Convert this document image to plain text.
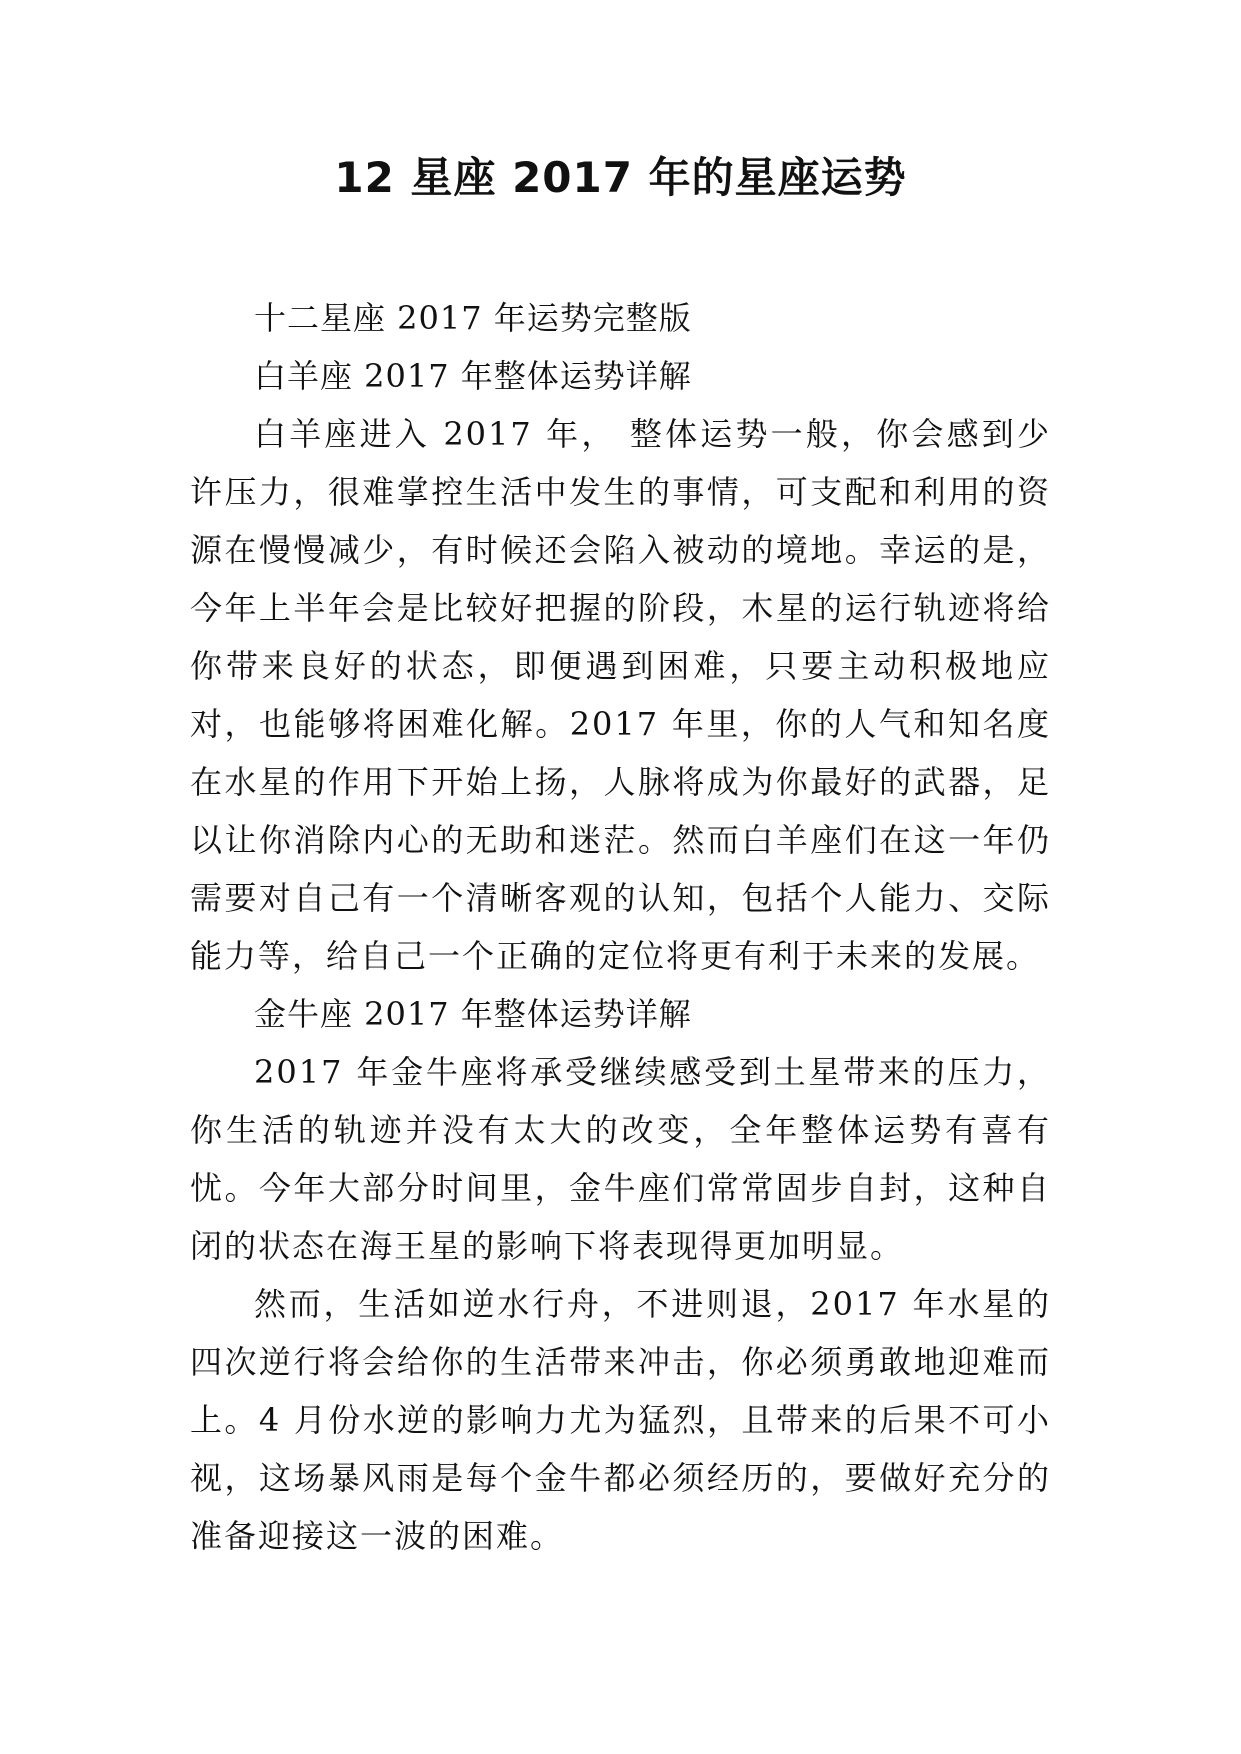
12 星座 2017 年的星座运势

十二星座 2017 年运势完整版

白羊座 2017 年整体运势详解

白羊座进入 2017 年， 整体运势一般，你会感到少许压力，很难掌控生活中发生的事情，可支配和利用的资源在慢慢减少，有时候还会陷入被动的境地。幸运的是，今年上半年会是比较好把握的阶段，木星的运行轨迹将给你带来良好的状态，即便遇到困难，只要主动积极地应对，也能够将困难化解。2017 年里，你的人气和知名度在水星的作用下开始上扬，人脉将成为你最好的武器，足以让你消除内心的无助和迷茫。然而白羊座们在这一年仍需要对自己有一个清晰客观的认知，包括个人能力、交际能力等，给自己一个正确的定位将更有利于未来的发展。

金牛座 2017 年整体运势详解

2017 年金牛座将承受继续感受到土星带来的压力，你生活的轨迹并没有太大的改变，全年整体运势有喜有忧。今年大部分时间里，金牛座们常常固步自封，这种自闭的状态在海王星的影响下将表现得更加明显。

然而，生活如逆水行舟，不进则退，2017 年水星的四次逆行将会给你的生活带来冲击，你必须勇敢地迎难而上。4 月份水逆的影响力尤为猛烈，且带来的后果不可小视，这场暴风雨是每个金牛都必须经历的，要做好充分的准备迎接这一波的困难。
